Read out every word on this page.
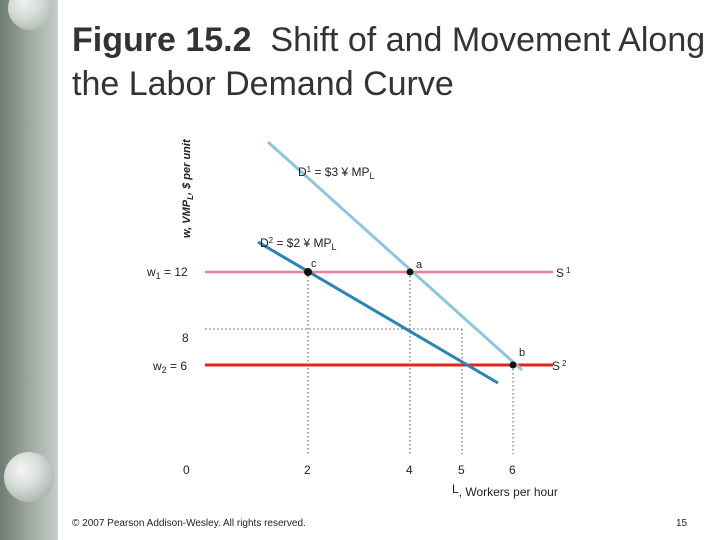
Figure 15.2 Shift of and Movement Along the Labor Demand Curve
c	a
b
$D^1$ = $3 ¥ $MP_L$
$D^2$ = $2 ¥ $MP_L$
S $^1$
S $^2$
$w_1 = 12$
8
$w_2 = 6$
0	2	4	5	6
L, Workers per hour
w, $VMP_L$, $ per unit
© 2007 Pearson Addison-Wesley. All rights reserved.	15
